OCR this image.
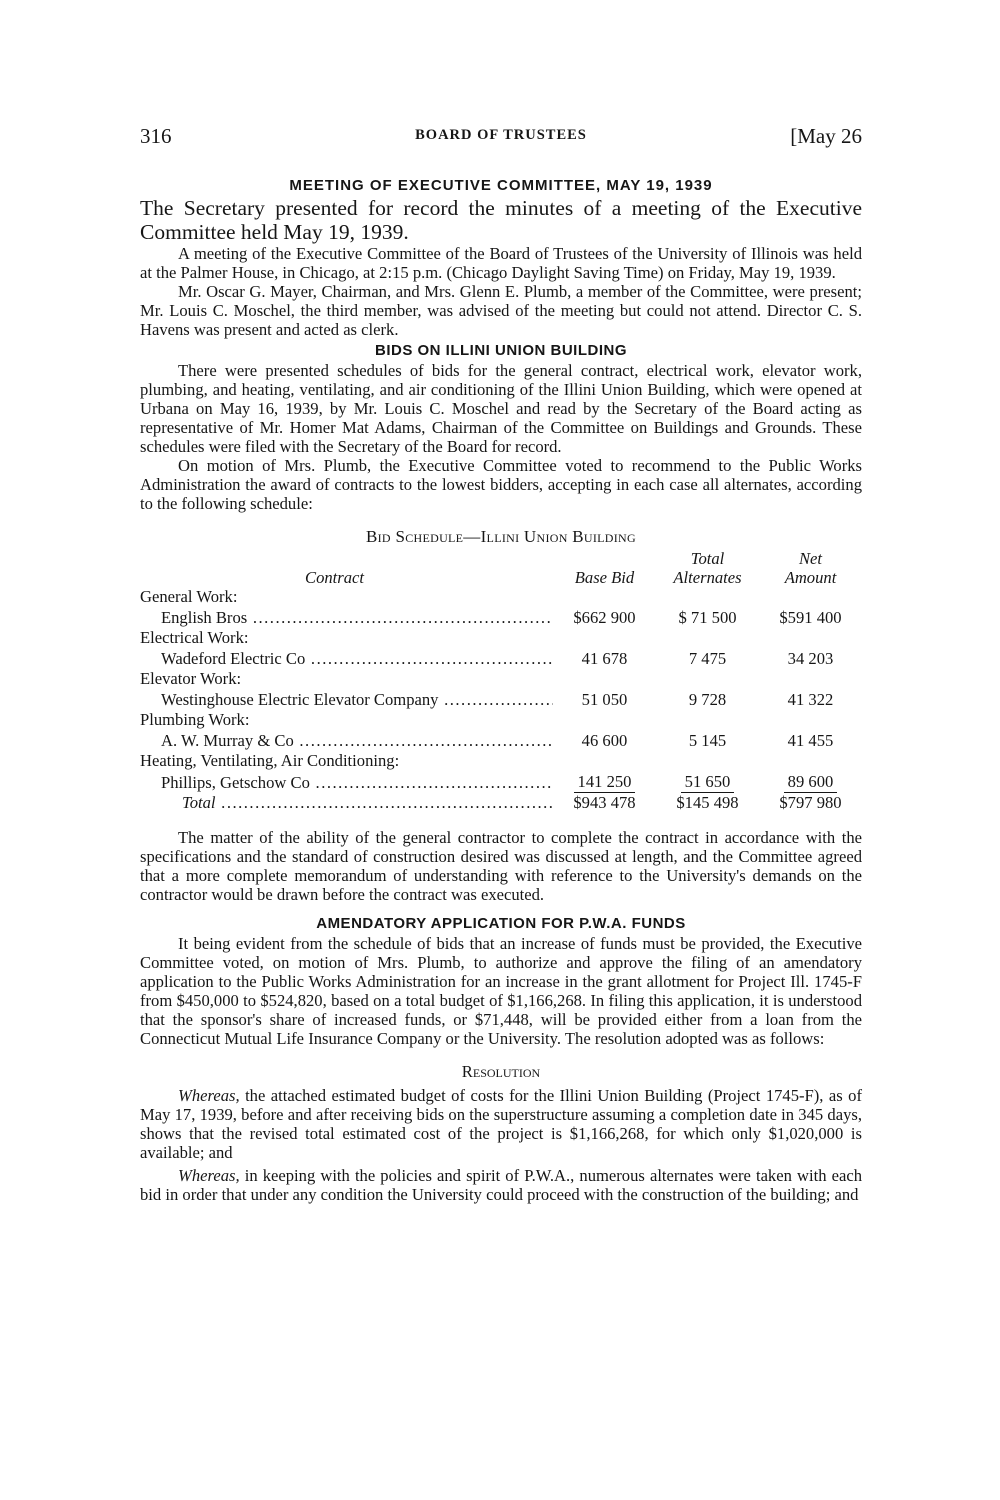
316	BOARD OF TRUSTEES	[May 26
MEETING OF EXECUTIVE COMMITTEE, MAY 19, 1939

The Secretary presented for record the minutes of a meeting of the Executive Committee held May 19, 1939.

A meeting of the Executive Committee of the Board of Trustees of the University of Illinois was held at the Palmer House, in Chicago, at 2:15 p.m. (Chicago Daylight Saving Time) on Friday, May 19, 1939.

Mr. Oscar G. Mayer, Chairman, and Mrs. Glenn E. Plumb, a member of the Committee, were present; Mr. Louis C. Moschel, the third member, was advised of the meeting but could not attend. Director C. S. Havens was present and acted as clerk.

BIDS ON ILLINI UNION BUILDING

There were presented schedules of bids for the general contract, electrical work, elevator work, plumbing, and heating, ventilating, and air conditioning of the Illini Union Building, which were opened at Urbana on May 16, 1939, by Mr. Louis C. Moschel and read by the Secretary of the Board acting as representative of Mr. Homer Mat Adams, Chairman of the Committee on Buildings and Grounds. These schedules were filed with the Secretary of the Board for record.

On motion of Mrs. Plumb, the Executive Committee voted to recommend to the Public Works Administration the award of contracts to the lowest bidders, accepting in each case all alternates, according to the following schedule:

Bid Schedule—Illini Union Building
Total	Net
Contract	Base Bid	Alternates	Amount
General Work:
English Bros .....	$662 900	$ 71 500	$591 400
Electrical Work:
Wadeford Electric Co .....	41 678	7 475	34 203
Elevator Work:
Westinghouse Electric Elevator Company .....	51 050	9 728	41 322
Plumbing Work:
A. W. Murray & Co .....	46 600	5 145	41 455
Heating, Ventilating, Air Conditioning:
Phillips, Getschow Co .....	141 250	51 650	89 600
Total .....	$943 478	$145 498	$797 980

The matter of the ability of the general contractor to complete the contract in accordance with the specifications and the standard of construction desired was discussed at length, and the Committee agreed that a more complete memorandum of understanding with reference to the University's demands on the contractor would be drawn before the contract was executed.

AMENDATORY APPLICATION FOR P.W.A. FUNDS

It being evident from the schedule of bids that an increase of funds must be provided, the Executive Committee voted, on motion of Mrs. Plumb, to authorize and approve the filing of an amendatory application to the Public Works Administration for an increase in the grant allotment for Project Ill. 1745-F from $450,000 to $524,820, based on a total budget of $1,166,268. In filing this application, it is understood that the sponsor's share of increased funds, or $71,448, will be provided either from a loan from the Connecticut Mutual Life Insurance Company or the University. The resolution adopted was as follows:

Resolution

Whereas, the attached estimated budget of costs for the Illini Union Building (Project 1745-F), as of May 17, 1939, before and after receiving bids on the superstructure assuming a completion date in 345 days, shows that the revised total estimated cost of the project is $1,166,268, for which only $1,020,000 is available; and

Whereas, in keeping with the policies and spirit of P.W.A., numerous alternates were taken with each bid in order that under any condition the University could proceed with the construction of the building; and
